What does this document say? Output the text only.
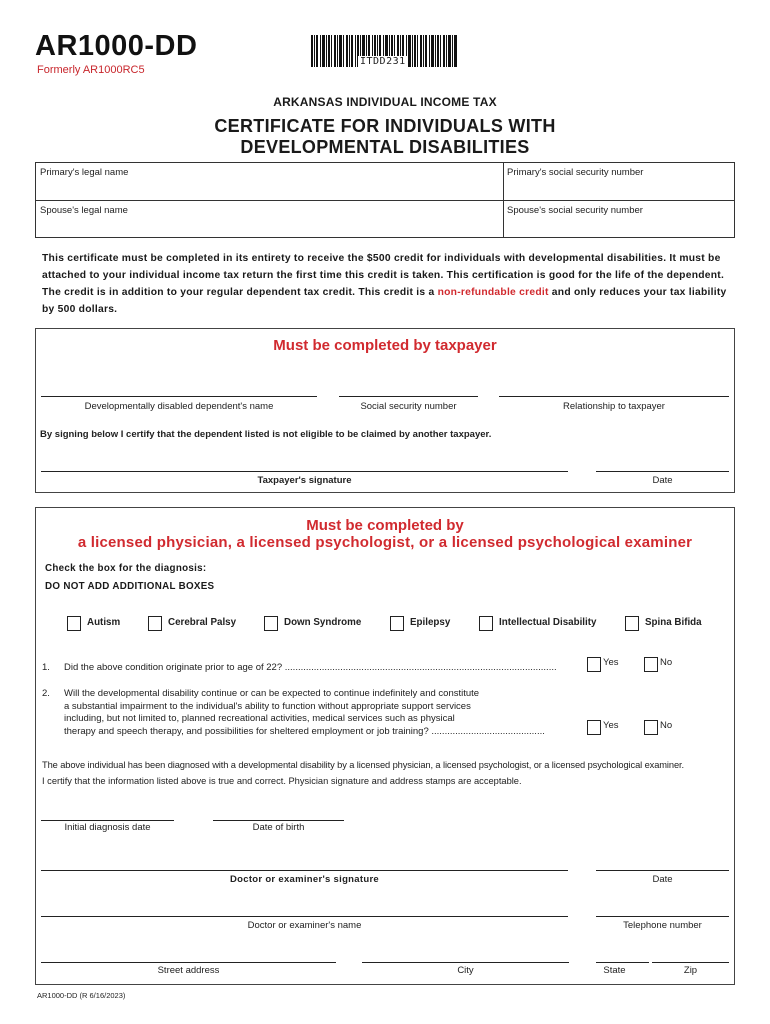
AR1000-DD
Formerly AR1000RC5
ITDD231
ARKANSAS INDIVIDUAL INCOME TAX
CERTIFICATE FOR INDIVIDUALS WITH
DEVELOPMENTAL DISABILITIES
Primary's legal name	Primary's social security number
Spouse's legal name	Spouse's social security number
This certificate must be completed in its entirety to receive the $500 credit for individuals with developmental disabilities. It must be attached to your individual income tax return the first time this credit is taken. This certification is good for the life of the dependent. The credit is in addition to your regular dependent tax credit. This credit is a non-refundable credit and only reduces your tax liability by 500 dollars.
Must be completed by taxpayer
Developmentally disabled dependent's name	Social security number	Relationship to taxpayer
By signing below I certify that the dependent listed is not eligible to be claimed by another taxpayer.
Taxpayer's signature	Date
Must be completed by
a licensed physician, a licensed psychologist, or a licensed psychological examiner
Check the box for the diagnosis:
DO NOT ADD ADDITIONAL BOXES
Autism	Cerebral Palsy	Down Syndrome	Epilepsy	Intellectual Disability	Spina Bifida
1. Did the above condition originate prior to age of 22? .......................................................................................................	Yes	No
2. Will the developmental disability continue or can be expected to continue indefinitely and constitute
a substantial impairment to the individual's ability to function without appropriate support services
including, but not limited to, planned recreational activities, medical services such as physical
therapy and speech therapy, and possibilities for sheltered employment or job training? ...........................................	Yes	No
The above individual has been diagnosed with a developmental disability by a licensed physician, a licensed psychologist, or a licensed psychological examiner.
I certify that the information listed above is true and correct. Physician signature and address stamps are acceptable.
Initial diagnosis date	Date of birth
Doctor or examiner's signature	Date
Doctor or examiner's name	Telephone number
Street address	City	State	Zip
AR1000-DD (R 6/16/2023)
